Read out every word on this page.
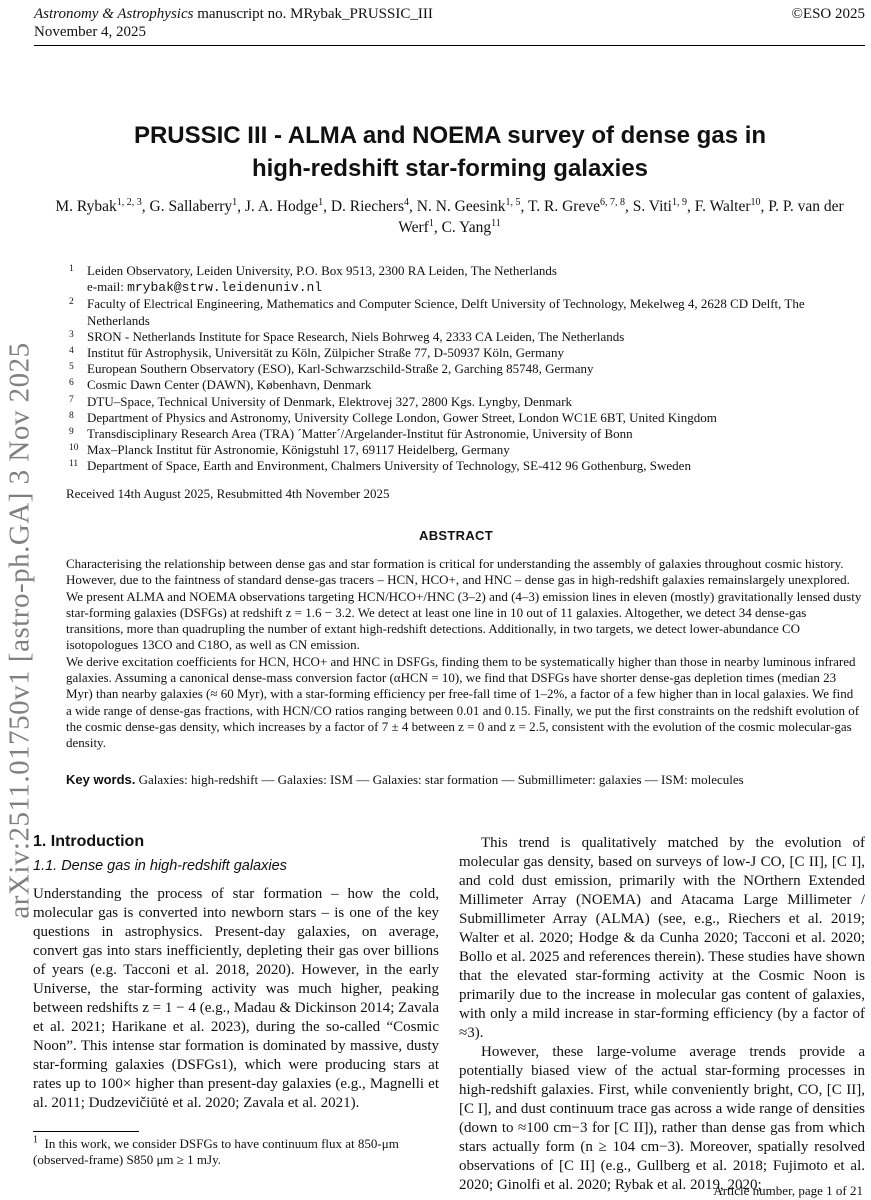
arXiv:2511.01750v1 [astro-ph.GA] 3 Nov 2025
Astronomy & Astrophysics manuscript no. MRybak_PRUSSIC_III
November 4, 2025
©ESO 2025
PRUSSIC III - ALMA and NOEMA survey of dense gas in
high-redshift star-forming galaxies
M. Rybak$^{1, 2, 3}$, G. Sallaberry$^1$, J. A. Hodge$^1$, D. Riechers$^4$, N. N. Geesink$^{1, 5}$, T. R. Greve$^{6, 7, 8}$, S. Viti$^{1, 9}$, F. Walter$^{10}$, P. P. van der Werf$^1$, C. Yang$^{11}$
1 Leiden Observatory, Leiden University, P.O. Box 9513, 2300 RA Leiden, The Netherlands
e-mail: mrybak@strw.leidenuniv.nl
2 Faculty of Electrical Engineering, Mathematics and Computer Science, Delft University of Technology, Mekelweg 4, 2628 CD Delft, The Netherlands
3 SRON - Netherlands Institute for Space Research, Niels Bohrweg 4, 2333 CA Leiden, The Netherlands
4 Institut für Astrophysik, Universität zu Köln, Zülpicher Straße 77, D-50937 Köln, Germany
5 European Southern Observatory (ESO), Karl-Schwarzschild-Straße 2, Garching 85748, Germany
6 Cosmic Dawn Center (DAWN), København, Denmark
7 DTU–Space, Technical University of Denmark, Elektrovej 327, 2800 Kgs. Lyngby, Denmark
8 Department of Physics and Astronomy, University College London, Gower Street, London WC1E 6BT, United Kingdom
9 Transdisciplinary Research Area (TRA) ´Matter´/Argelander-Institut für Astronomie, University of Bonn
10 Max–Planck Institut für Astronomie, Königstuhl 17, 69117 Heidelberg, Germany
11 Department of Space, Earth and Environment, Chalmers University of Technology, SE-412 96 Gothenburg, Sweden
Received 14th August 2025, Resubmitted 4th November 2025
ABSTRACT

Characterising the relationship between dense gas and star formation is critical for understanding the assembly of galaxies throughout cosmic history. However, due to the faintness of standard dense-gas tracers – HCN, HCO+, and HNC – dense gas in high-redshift galaxies remainslargely unexplored.

We present ALMA and NOEMA observations targeting HCN/HCO+/HNC (3–2) and (4–3) emission lines in eleven (mostly) gravitationally lensed dusty star-forming galaxies (DSFGs) at redshift z = 1.6 − 3.2. We detect at least one line in 10 out of 11 galaxies. Altogether, we detect 34 dense-gas transitions, more than quadrupling the number of extant high-redshift detections. Additionally, in two targets, we detect lower-abundance CO isotopologues 13CO and C18O, as well as CN emission.

We derive excitation coefficients for HCN, HCO+ and HNC in DSFGs, finding them to be systematically higher than those in nearby luminous infrared galaxies. Assuming a canonical dense-mass conversion factor (αHCN = 10), we find that DSFGs have shorter dense-gas depletion times (median 23 Myr) than nearby galaxies (≈ 60 Myr), with a star-forming efficiency per free-fall time of 1–2%, a factor of a few higher than in local galaxies. We find a wide range of dense-gas fractions, with HCN/CO ratios ranging between 0.01 and 0.15. Finally, we put the first constraints on the redshift evolution of the cosmic dense-gas density, which increases by a factor of 7 ± 4 between z = 0 and z = 2.5, consistent with the evolution of the cosmic molecular-gas density.

Key words. Galaxies: high-redshift — Galaxies: ISM — Galaxies: star formation — Submillimeter: galaxies — ISM: molecules
1. Introduction
1.1. Dense gas in high-redshift galaxies

Understanding the process of star formation – how the cold, molecular gas is converted into newborn stars – is one of the key questions in astrophysics. Present-day galaxies, on average, convert gas into stars inefficiently, depleting their gas over billions of years (e.g. Tacconi et al. 2018, 2020). However, in the early Universe, the star-forming activity was much higher, peaking between redshifts z = 1 − 4 (e.g., Madau & Dickinson 2014; Zavala et al. 2021; Harikane et al. 2023), during the so-called “Cosmic Noon”. This intense star formation is dominated by massive, dusty star-forming galaxies (DSFGs1), which were producing stars at rates up to 100× higher than present-day galaxies (e.g., Magnelli et al. 2011; Dudzevičiūtė et al. 2020; Zavala et al. 2021).

This trend is qualitatively matched by the evolution of molecular gas density, based on surveys of low-J CO, [C II], [C I], and cold dust emission, primarily with the NOrthern Extended Millimeter Array (NOEMA) and Atacama Large Millimeter / Submillimeter Array (ALMA) (see, e.g., Riechers et al. 2019; Walter et al. 2020; Hodge & da Cunha 2020; Tacconi et al. 2020; Bollo et al. 2025 and references therein). These studies have shown that the elevated star-forming activity at the Cosmic Noon is primarily due to the increase in molecular gas content of galaxies, with only a mild increase in star-forming efficiency (by a factor of ≈3).

However, these large-volume average trends provide a potentially biased view of the actual star-forming processes in high-redshift galaxies. First, while conveniently bright, CO, [C II], [C I], and dust continuum trace gas across a wide range of densities (down to ≈100 cm−3 for [C II]), rather than dense gas from which stars actually form (n ≥ 104 cm−3). Moreover, spatially resolved observations of [C II] (e.g., Gullberg et al. 2018; Fujimoto et al. 2020; Ginolfi et al. 2020; Rybak et al. 2019, 2020;

$^1$ In this work, we consider DSFGs to have continuum flux at 850-μm (observed-frame) S850 μm ≥ 1 mJy.
Article number, page 1 of 21
